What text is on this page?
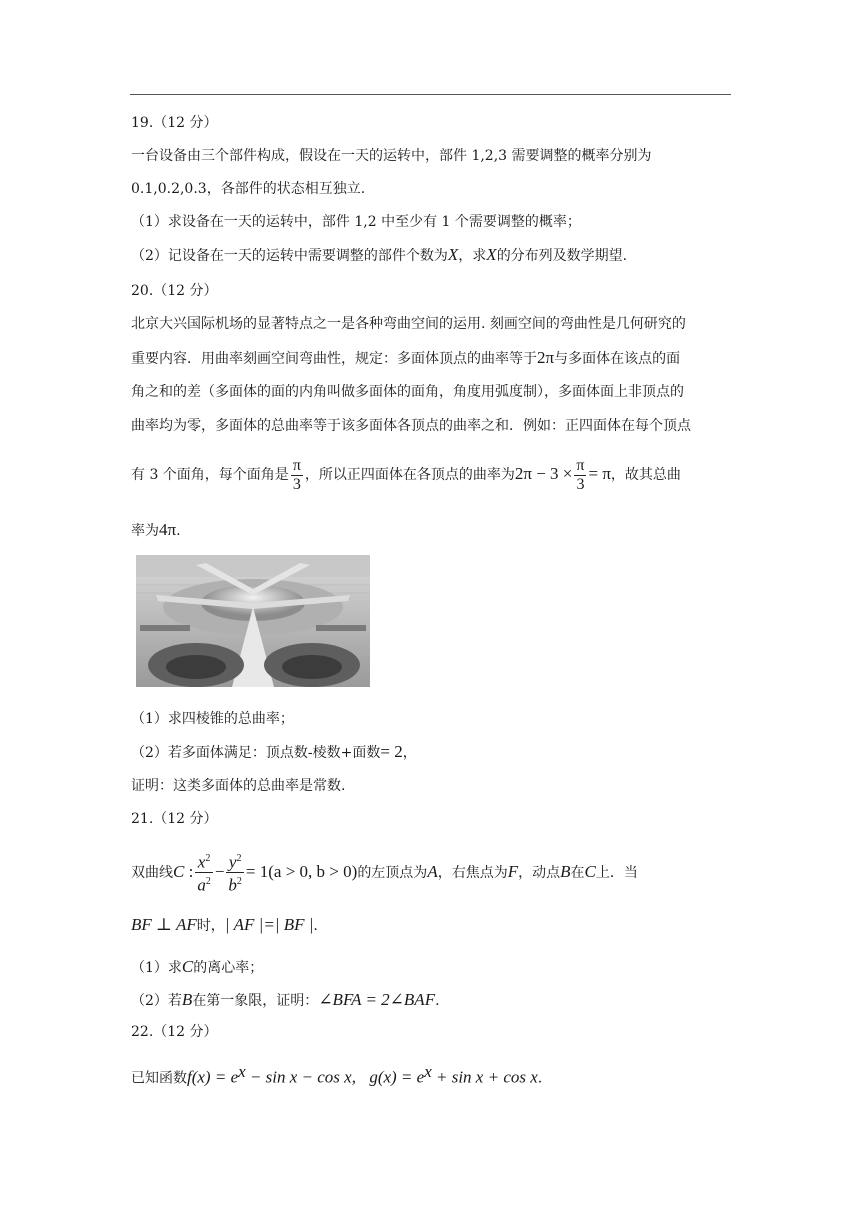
19.（12 分）
一台设备由三个部件构成，假设在一天的运转中，部件 1,2,3 需要调整的概率分别为
0.1,0.2,0.3，各部件的状态相互独立.
（1）求设备在一天的运转中，部件 1,2 中至少有 1 个需要调整的概率；
（2）记设备在一天的运转中需要调整的部件个数为X，求X的分布列及数学期望.
20.（12 分）
北京大兴国际机场的显著特点之一是各种弯曲空间的运用. 刻画空间的弯曲性是几何研究的
重要内容．用曲率刻画空间弯曲性，规定：多面体顶点的曲率等于2π与多面体在该点的面
角之和的差（多面体的面的内角叫做多面体的面角，角度用弧度制），多面体面上非顶点的
曲率均为零，多面体的总曲率等于该多面体各顶点的曲率之和．例如：正四面体在每个顶点
有 3 个面角，每个面角是 $\frac{\pi}{3}$ ，所以正四面体在各顶点的曲率为$2\pi - 3 \times \frac{\pi}{3} = \pi$，故其总曲
率为4π.
（1）求四棱锥的总曲率；
（2）若多面体满足：顶点数-棱数+面数= 2，
证明：这类多面体的总曲率是常数.
21.（12 分）
双曲线C : $\frac{x^2}{a^2} - \frac{y^2}{b^2} = 1(a > 0$, b > 0)的左顶点为A，右焦点为F，动点B在C上．当
BF ⊥ AF时，| AF |=| BF |.
（1）求C的离心率；
（2）若B在第一象限，证明：∠BFA = 2∠BAF.
22.（12 分）
已知函数$f(x) = e^x - \sin x - \cos x$, $g(x) = e^x + \sin x + \cos x$.
